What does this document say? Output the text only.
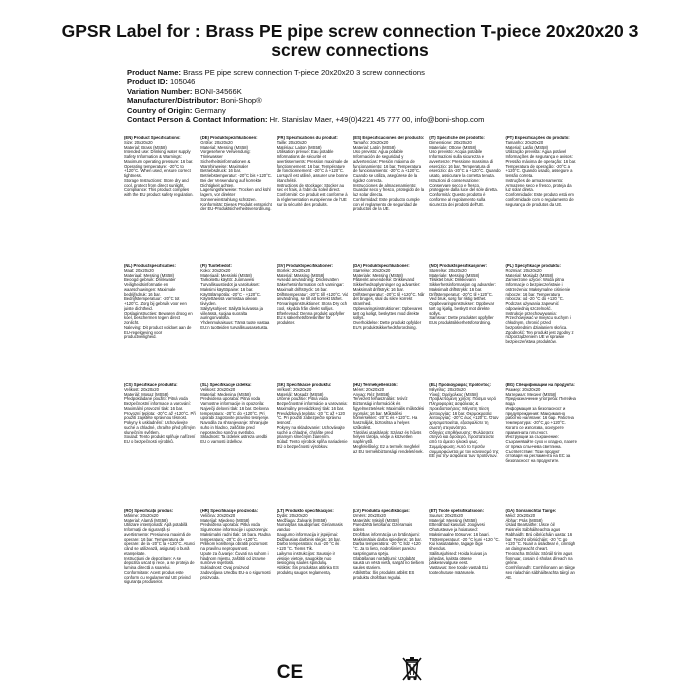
GPSR Label for : Brass PE pipe screw connection T-piece 20x20x20 3 screw connections
Product Name: Brass PE pipe screw connection T-piece 20x20x20 3 screw connections
Product ID: 105046
Variation Number: BONI-34566K
Manufacturer/Distributor: Boni-Shop®
Country of Origin: Germany
Contact Person & Contact Information: Hr. Stanislav Maer, +49(0)4221 45 777 00, info@boni-shop.com
(EN) Product Specifications:

Size: 20x20x20
Material: Brass (MS58)
Intended use: Drinking water supply
Safety Information & Warnings: Maximum operating pressure: 16 bar. Operating temperature: -20°C to +120°C. When used, ensure correct tightness.
Storage Instructions: Store dry and cool, protect from direct sunlight.
Compliance: This product complies with the EU product safety regulation.

(DE) Produktspezifikationen:

Größe: 20x20x20
Material: Messing (MS58)
Vorgesehene Verwendung: Trinkwasser
Sicherheitsinformationen & Warnhinweise: Maximaler Betriebsdruck: 16 bar. Betriebstemperatur: -20°C bis +120°C. Bei der Verwendung auf korrekte Dichtigkeit achten.
Lagerungshinweise: Trocken und kühl lagern, vor direkter Sonneneinstrahlung schützen.
Konformität: Dieses Produkt entspricht der EU-Produktsicherheitsverordnung.

(FR) Spécifications du produit:

Taille: 20x20x20
Matériau: Laiton (MS58)
Utilisation prévue: Eau potable
Informations de sécurité et avertissements: Pression maximale de fonctionnement: 16 bar. Température de fonctionnement: -20°C à +120°C. Lorsqu'il est utilisé, assurer une bonne étanchéité.
Instructions de stockage: Stocker au sec et frais, à l'abri du soleil direct.
Conformité: Ce produit est conforme à la réglementation européenne de l'UE sur la sécurité des produits.

(ES) Especificaciones del producto:

Tamaño: 20x20x20
Material: Latón (MS58)
Uso previsto: Agua potable
Información de seguridad y advertencias: Presión máxima de funcionamiento: 16 bar. Temperatura de funcionamiento: -20°C a +120°C. Cuando se utiliza, asegúrese de la rigidez correcta.
Instrucciones de almacenamiento: Guardar seco y fresco, protegido de la luz solar directa.
Conformidad: Este producto cumple con el reglamento de seguridad de productos de la UE.

(IT) Specifiche del prodotto:

Dimensione: 20x20x20
Materiale: Ottone (MS58)
Uso previsto: Acqua potabile
Informazioni sulla sicurezza e avvertenze: Pressione massima di esercizio: 16 bar. Temperatura di esercizio: da -20°C a +120°C. Quando usato, assicurare la corretta tenuta.
Istruzioni di conservazione: Conservare secco e fresco, proteggere dalla luce del sole diretta.
Conformità: Questo prodotto è conforme al regolamento sulla sicurezza dei prodotti dell'UE.

(PT) Especificações do produto:

Tamanho: 20x20x20
Material: Latão (MS58)
Utilização prevista: Água potável
Informações de segurança e avisos: Pressão máxima de operação: 16 bar. Temperatura de operação: -20°C a +120°C. Quando usado, assegure a tensão correta.
Instruções de armazenamento: Armazene seco e fresco, proteja da luz solar direta.
Conformidade: Este produto está em conformidade com o regulamento de segurança de produtos da UE.

(NL) Productspecificaties:

Maat: 20x20x20
Materiaal: Messing (MS58)
Beoogd gebruik: Drinkwater
Veiligheidsinformatie en waarschuwingen: Maximale bedrijfsdruk: 16 bar. Bedrijfstemperatuur: -20°C tot +120°C. Zorg bij gebruik voor een juiste dichtheid.
Opslaginstructies: Bewaren droog en koel, beschermen tegen direct zonlicht.
Naleving: Dit product voldoet aan de EU-regelgeving voor productveiligheid.

(FI) Tuotetiedot:

Koko: 20x20x20
Materiaali: Messinki (MS58)
Tarkoitettu käyttö: Juomavesi
Turvallisuustiedot ja varoitukset: Maksimi käyttöpaine: 16 bar. Käyttölämpötila: -20°C - +120°C. Käytettäessä varmistaa oikean tiiviyden.
Säilytysohjeet: Säilytä kuivassa ja viileässä, suojaa suoralta auringonvalolta.
Yhdenmukaisuus: Tämä tuote vastaa EU:n tuotteiden turvallisuusasetusta.

(SV) Produktspecifikationer:

Storlek: 20x20x20
Material: Mässing (MS58)
Avsedd användning: Dricksvatten
Säkerhetsinformation och varningar: Maximalt driftstryck: 16 bar. Driftstemperatur: -20°C till +120°C. Vid användning, se till att korrekt täthet.
Förvaringsinstruktioner: Stora Dry och cool, skydda från direkt solljus.
Efterlevnad: Denna produkt uppfyller EU:s säkerhetsföreskrifter för produkter.

(DA) Produktspecifikationer:

Størrelse: 20x20x20
Materiale: Messing (MS58)
Påtænkt anvendelse: Drikkevand
Sikkerhedsoplysninger og advarsler: Maksimalt driftstryk: 16 bar. Driftstemperatur: -20°C til +120°C. Når det bruges, skal du sikre korrekt stramhed.
Opbevaringsinstruktioner: Opbevares tørt og køligt, beskyttes mod direkte sollys.
Overholdelse: Dette produkt opfylder EU's produktsikkerhedsforordning.

(NO) Produktspesifikasjoner:

Størrelse: 20x20x20
Materiale: Messing (MS58)
Tilsiktet bruk: Drikkevann
Sikkerhetsinformasjon og advarsler: Maksimalt driftstrykk: 16 bar. Driftstemperatur: -20°C til +120°C. Ved bruk, sørg for riktig tetthet.
Oppbevaringsinstrukser: Oppbevar tørt og kjølig, beskytt mot direkte sollys.
Samsvar: Dette produktet oppfyller EUs produktsikkerhetsforordning.

(PL) Specyfikacje produktu:

Rozmiar: 20x20x20
Materiał: Mosiądz (MS58)
Zamierzone użycie: Woda pitna
Informacje o bezpieczeństwie i ostrzeżenia: Maksymalne ciśnienie robocze: 16 bar. Temperatura robocza: od -20 °C do +120 °C. Podczas używania zapewnić odpowiednią szczelność.
Instrukcje przechowywania: Przechowywać w miejscu suchym i chłodnym, chronić przed bezpośrednim działaniem słońca.
Zgodność: Ten produkt jest zgodny z rozporządzeniem UE w sprawie bezpieczeństwa produktów.

(CS) Specifikace produktu:

Velikost: 20x20x20
Materiál: Mosaz (MS58)
Předpokládané použití: Pitná voda
Bezpečnostní informace a varování: Maximální provozní tlak: 16 bar. Provozní teplota: -20°C až +120°C. Při použití zajistěte správnou těsnost.
Pokyny k uskladnění: Uchovávejte suché a chladné, chraňte před přímým slunečním světlem.
Soulad: Tento produkt splňuje nařízení EU o bezpečnosti výrobků.

(SL) Specifikacije izdelka:

Velikost: 20x20x20
Material: Medenina (MS58)
Predvidena uporaba: Pitna voda
Varnostne informacije in opozorila: Največji delovni tlak: 16 bar. Delovna temperatura: -20°C do +120°C. Pri uporabi zagotovite pravilno tesnjenje.
Navodila za shranjevanje: Shranjujte suho in hladno, zaščitite pred neposredno sončno svetlobo.
Skladnost: Ta izdelek ustreza uredbi EU o varnosti izdelkov.

(SK) Špecifikácie produktu:

Veľkosť: 20x20x20
Materiál: Mosadz (MS58)
Určené použitie: Pitná voda
Bezpečnostné informácie a varovania: Maximálny prevádzkový tlak: 16 bar. Prevádzková teplota: -20 °C až +120 °C. Pri použití zabezpečte správnu tesnosť.
Pokyny na skladovanie: Uchovávajte suché a chladné, chráňte pred priamym slnečným žiarením.
Súlad: Tento výrobok spĺňa nariadenie EÚ o bezpečnosti výrobkov.

(HU) Termékjellemzők:

Méret: 20x20x20
Anyag: Réz (MS58)
Tervezett felhasználás: Ivóvíz
Biztonsági információk és figyelmeztetések: Maximális működési nyomás: 16 bar. Működési hőmérséklet: -20°C és +120°C. Ha használják, biztosítsa a helyes szűkülést.
Tárolási utasítások: Száraz és hűvös helyen tárolja, védje a közvetlen napfénytől.
Megfelelőség: Ez a termék megfelel az EU termékbiztonsági rendeletének.

(EL) Προδιαγραφές προϊόντος:

Μέγεθος: 20x20x20
Υλικό: Ορείχαλκος (MS58)
Προβλεπόμενη χρήση: Πόσιμο νερό
Πληροφορίες ασφάλειας & προειδοποιήσεις: Μέγιστη πίεση λειτουργίας: 16 bar. Θερμοκρασία λειτουργίας: -20°C έως +120°C. Όταν χρησιμοποιείται, εξασφαλίστε τη σωστή στεγανότητα.
Οδηγίες αποθήκευσης: Φυλάσσετε στεγνό και δροσερό, προστατεύστε από το άμεσο ηλιακό φως.
Συμμόρφωση: Αυτό το προϊόν συμμορφώνεται με τον κανονισμό της ΕΕ για την ασφάλεια των προϊόντων.

(BG) Спецификации на продукта:

Размер: 20x20x20
Материал: Месинг (MS58)
Предназначение употреба: Питейна вода
Информация за безопасност и предупреждения: Максимално работно налягане: 16 бар. Работна температура: -20°C до +120°C. Когато се използва, осигурете правилната плътност.
Инструкции за съхранение: Съхранявайте сухо и хладно, пазете от пряка слънчева светлина.
Съответствие: Този продукт отговаря на регламента на ЕС за безопасност на продуктите.

(RO) Specificații produs:

Mărime: 20x20x20
Material: Alamă (MS58)
Utilizare intenționată: Apă potabilă
Informații de siguranță și avertismente: Presiunea maximă de operare: 16 bar. Temperatura de operare: de la -20°C la +120°C. Atunci când se utilizează, asigurați o bună etanșeitate.
Instrucțiuni de depozitare: A se depozita uscat și rece, a se proteja de lumina directă a soarelui.
Conformitate: Acest produs este conform cu regulamentul UE privind siguranța produselor.

(HR) Specifikacije proizvoda:

Veličina: 20x20x20
Materijal: Mjedeno (MS58)
Predviđena uporaba: Pitka voda
Sigurnosne informacije i upozorenja: Maksimalni radni tlak: 16 bara. Radna temperatura: -20°C do +120°C. Prilikom korištenja obratiti pozornost na pravilnu nepropusnost.
Upute za čuvanje: Čuvati na suhom i hladnom mjestu, zaštititi od izravne sunčeve svjetlosti.
Sukladnost: Ovaj proizvod zadovoljava Uredbu EU-a o sigurnosti proizvoda.

(LT) Produkto specifikacijos:

Dydis: 20x20x20
Medžiaga: Žalvaris (MS58)
Numatytas naudojimas: Geriamasis vanduo
Saugumo informacija ir įspėjimai: Didžiausias darbinis slėgis: 16 bar. Darbo temperatūra: nuo -20 °C iki +120 °C. Tiems Tik.
Laikymo instrukcijos: Sausoje ir vėsioje vietoje, saugokite nuo tiesioginių saulės spindulių.
Atitiktis: Šis produktas atitinka ES produktų saugos reglamentą.

(LV) Produkta specifikācijas:

Izmērs: 20x20x20
Materiāls: Misiņš (MS58)
Paredzētā lietošana: Dzeramais ūdens
Drošības informācija un brīdinājumi: Maksimālais darba spiediens: 16 bar. Darba temperatūra: -20 °C līdz +120 °C. Ja to lieto, nodrošiniet pareizu saspringuma spēju.
Glabāšanas norādījumi: Uzglabāt sausā un vēsā vietā, sargāt no tiešiem saules stariem.
Atbilstība: Šis produkts atbilst ES produktu drošības regulai.

(ET) Toote spetsifikatsioon:

Suurus: 20x20x20
Materjal: Messing (MS58)
Ettenähtud kasutus: Joogivesi
Ohutusteave ja hoiatused: Maksimaalne töösurve: 16 baari. Töötemperatuur: -20 °C kuni +120 °C. Kui kasutatakse, tagage õige tihendus.
Säilitusjuhised: Hoida kuivas ja jahedas, kaitsta otsese päikesevalguse eest.
Vastavus: See toode vastab ELi tooteohutuse määrusele.

(GA) Sonraíochtaí Táirge:

Méid: 20x20x20
Ábhar: Prás (MS58)
Úsáid Beartaithe: Uisce óil
Faisnéis Sábháilteachta agus Rabhaidh: Brú oibriúcháin uasta: 16 bar. Teocht oibriúcháin: -20 °C go +120 °C. Nuair a úsáidtear é, cinntigh an daingneacht cheart.
Treoracha Stórála: Stóráil tirim agus fionnuar, cosain ó sholas díreach na gréine.
Comhlíonadh: Comhlíonann an táirge seo rialachán sábháilteachta táirgí an AE.

CE
